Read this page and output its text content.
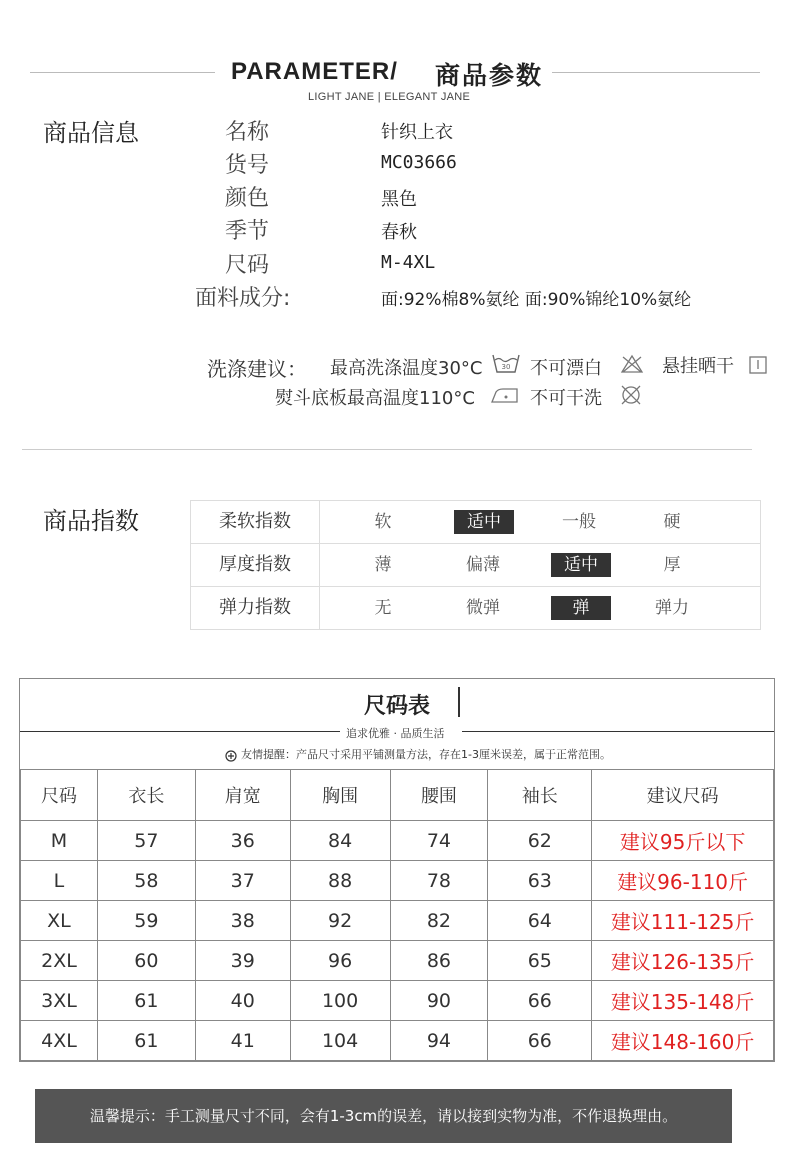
PARAMETER/ 商品参数
LIGHT JANE | ELEGANT JANE
商品信息	名称	针织上衣
货号	MC03666
颜色	黑色
季节	春秋
尺码	M-4XL
面料成分:	面:92%棉8%氨纶 面:90%锦纶10%氨纶
洗涤建议： 最高洗涤温度30°C	30 不可漂白	悬挂晒干
熨斗底板最高温度110°C	不可干洗
商品指数	柔软指数	软	适中	一般	硬
厚度指数	薄	偏薄	适中	厚
弹力指数	无	微弹	弹	弹力
尺码表
追求优雅 · 品质生活
友情提醒：产品尺寸采用平铺测量方法，存在1-3厘米误差，属于正常范围。
尺码	衣长	肩宽	胸围	腰围	袖长	建议尺码
M	57	36	84	74	62	建议95斤以下
L	58	37	88	78	63	建议96-110斤
XL	59	38	92	82	64	建议111-125斤
2XL	60	39	96	86	65	建议126-135斤
3XL	61	40	100	90	66	建议135-148斤
4XL	61	41	104	94	66	建议148-160斤
温馨提示：手工测量尺寸不同，会有1-3cm的误差，请以接到实物为准，不作退换理由。
